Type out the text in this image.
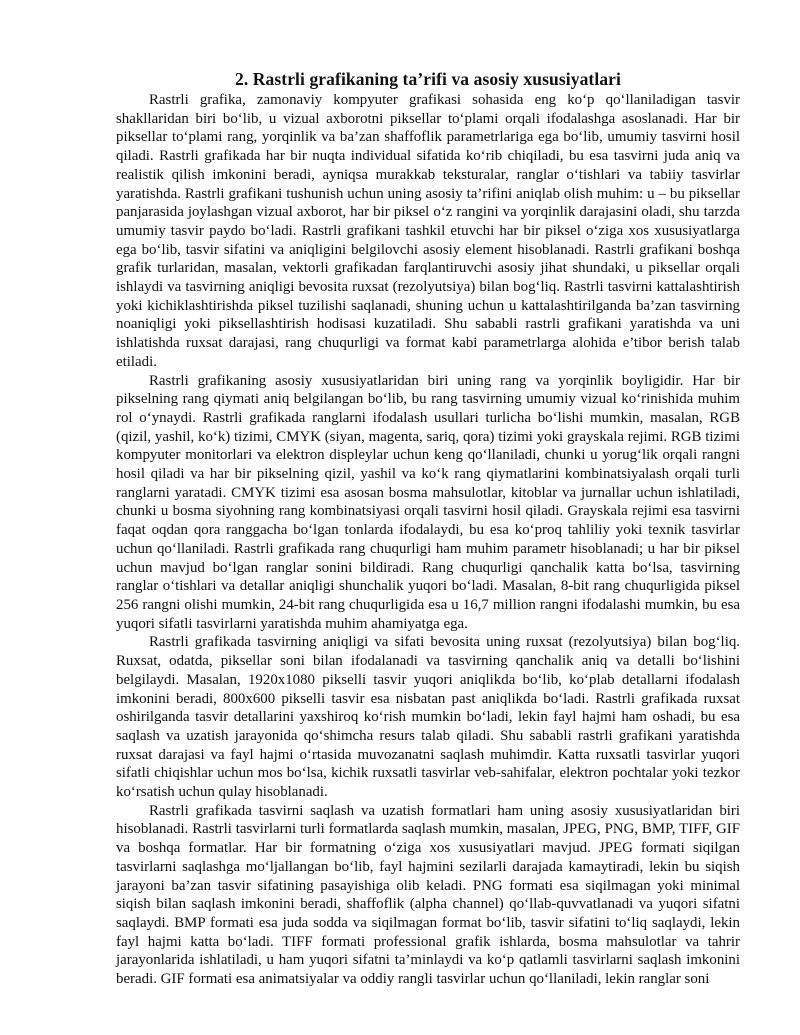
2. Rastrli grafikaning ta’rifi va asosiy xususiyatlari

Rastrli grafika, zamonaviy kompyuter grafikasi sohasida eng ko‘p qo‘llaniladigan tasvir shakllaridan biri bo‘lib, u vizual axborotni piksellar to‘plami orqali ifodalashga asoslanadi. Har bir piksellar to‘plami rang, yorqinlik va ba’zan shaffoflik parametrlariga ega bo‘lib, umumiy tasvirni hosil qiladi. Rastrli grafikada har bir nuqta individual sifatida ko‘rib chiqiladi, bu esa tasvirni juda aniq va realistik qilish imkonini beradi, ayniqsa murakkab teksturalar, ranglar o‘tishlari va tabiiy tasvirlar yaratishda. Rastrli grafikani tushunish uchun uning asosiy ta’rifini aniqlab olish muhim: u – bu piksellar panjarasida joylashgan vizual axborot, har bir piksel o‘z rangini va yorqinlik darajasini oladi, shu tarzda umumiy tasvir paydo bo‘ladi. Rastrli grafikani tashkil etuvchi har bir piksel o‘ziga xos xususiyatlarga ega bo‘lib, tasvir sifatini va aniqligini belgilovchi asosiy element hisoblanadi. Rastrli grafikani boshqa grafik turlaridan, masalan, vektorli grafikadan farqlantiruvchi asosiy jihat shundaki, u piksellar orqali ishlaydi va tasvirning aniqligi bevosita ruxsat (rezolyutsiya) bilan bog‘liq. Rastrli tasvirni kattalashtirish yoki kichiklashtirishda piksel tuzilishi saqlanadi, shuning uchun u kattalashtirilganda ba’zan tasvirning noaniqligi yoki piksellashtirish hodisasi kuzatiladi. Shu sababli rastrli grafikani yaratishda va uni ishlatishda ruxsat darajasi, rang chuqurligi va format kabi parametrlarga alohida e’tibor berish talab etiladi.

Rastrli grafikaning asosiy xususiyatlaridan biri uning rang va yorqinlik boyligidir. Har bir pikselning rang qiymati aniq belgilangan bo‘lib, bu rang tasvirning umumiy vizual ko‘rinishida muhim rol o‘ynaydi. Rastrli grafikada ranglarni ifodalash usullari turlicha bo‘lishi mumkin, masalan, RGB (qizil, yashil, ko‘k) tizimi, CMYK (siyan, magenta, sariq, qora) tizimi yoki grayskala rejimi. RGB tizimi kompyuter monitorlari va elektron displeylar uchun keng qo‘llaniladi, chunki u yorug‘lik orqali rangni hosil qiladi va har bir pikselning qizil, yashil va ko‘k rang qiymatlarini kombinatsiyalash orqali turli ranglarni yaratadi. CMYK tizimi esa asosan bosma mahsulotlar, kitoblar va jurnallar uchun ishlatiladi, chunki u bosma siyohning rang kombinatsiyasi orqali tasvirni hosil qiladi. Grayskala rejimi esa tasvirni faqat oqdan qora ranggacha bo‘lgan tonlarda ifodalaydi, bu esa ko‘proq tahliliy yoki texnik tasvirlar uchun qo‘llaniladi. Rastrli grafikada rang chuqurligi ham muhim parametr hisoblanadi; u har bir piksel uchun mavjud bo‘lgan ranglar sonini bildiradi. Rang chuqurligi qanchalik katta bo‘lsa, tasvirning ranglar o‘tishlari va detallar aniqligi shunchalik yuqori bo‘ladi. Masalan, 8-bit rang chuqurligida piksel 256 rangni olishi mumkin, 24-bit rang chuqurligida esa u 16,7 million rangni ifodalashi mumkin, bu esa yuqori sifatli tasvirlarni yaratishda muhim ahamiyatga ega.

Rastrli grafikada tasvirning aniqligi va sifati bevosita uning ruxsat (rezolyutsiya) bilan bog‘liq. Ruxsat, odatda, piksellar soni bilan ifodalanadi va tasvirning qanchalik aniq va detalli bo‘lishini belgilaydi. Masalan, 1920x1080 pikselli tasvir yuqori aniqlikda bo‘lib, ko‘plab detallarni ifodalash imkonini beradi, 800x600 pikselli tasvir esa nisbatan past aniqlikda bo‘ladi. Rastrli grafikada ruxsat oshirilganda tasvir detallarini yaxshiroq ko‘rish mumkin bo‘ladi, lekin fayl hajmi ham oshadi, bu esa saqlash va uzatish jarayonida qo‘shimcha resurs talab qiladi. Shu sababli rastrli grafikani yaratishda ruxsat darajasi va fayl hajmi o‘rtasida muvozanatni saqlash muhimdir. Katta ruxsatli tasvirlar yuqori sifatli chiqishlar uchun mos bo‘lsa, kichik ruxsatli tasvirlar veb-sahifalar, elektron pochtalar yoki tezkor ko‘rsatish uchun qulay hisoblanadi.

Rastrli grafikada tasvirni saqlash va uzatish formatlari ham uning asosiy xususiyatlaridan biri hisoblanadi. Rastrli tasvirlarni turli formatlarda saqlash mumkin, masalan, JPEG, PNG, BMP, TIFF, GIF va boshqa formatlar. Har bir formatning o‘ziga xos xususiyatlari mavjud. JPEG formati siqilgan tasvirlarni saqlashga mo‘ljallangan bo‘lib, fayl hajmini sezilarli darajada kamaytiradi, lekin bu siqish jarayoni ba’zan tasvir sifatining pasayishiga olib keladi. PNG formati esa siqilmagan yoki minimal siqish bilan saqlash imkonini beradi, shaffoflik (alpha channel) qo‘llab-quvvatlanadi va yuqori sifatni saqlaydi. BMP formati esa juda sodda va siqilmagan format bo‘lib, tasvir sifatini to‘liq saqlaydi, lekin fayl hajmi katta bo‘ladi. TIFF formati professional grafik ishlarda, bosma mahsulotlar va tahrir jarayonlarida ishlatiladi, u ham yuqori sifatni ta’minlaydi va ko‘p qatlamli tasvirlarni saqlash imkonini beradi. GIF formati esa animatsiyalar va oddiy rangli tasvirlar uchun qo‘llaniladi, lekin ranglar soni
